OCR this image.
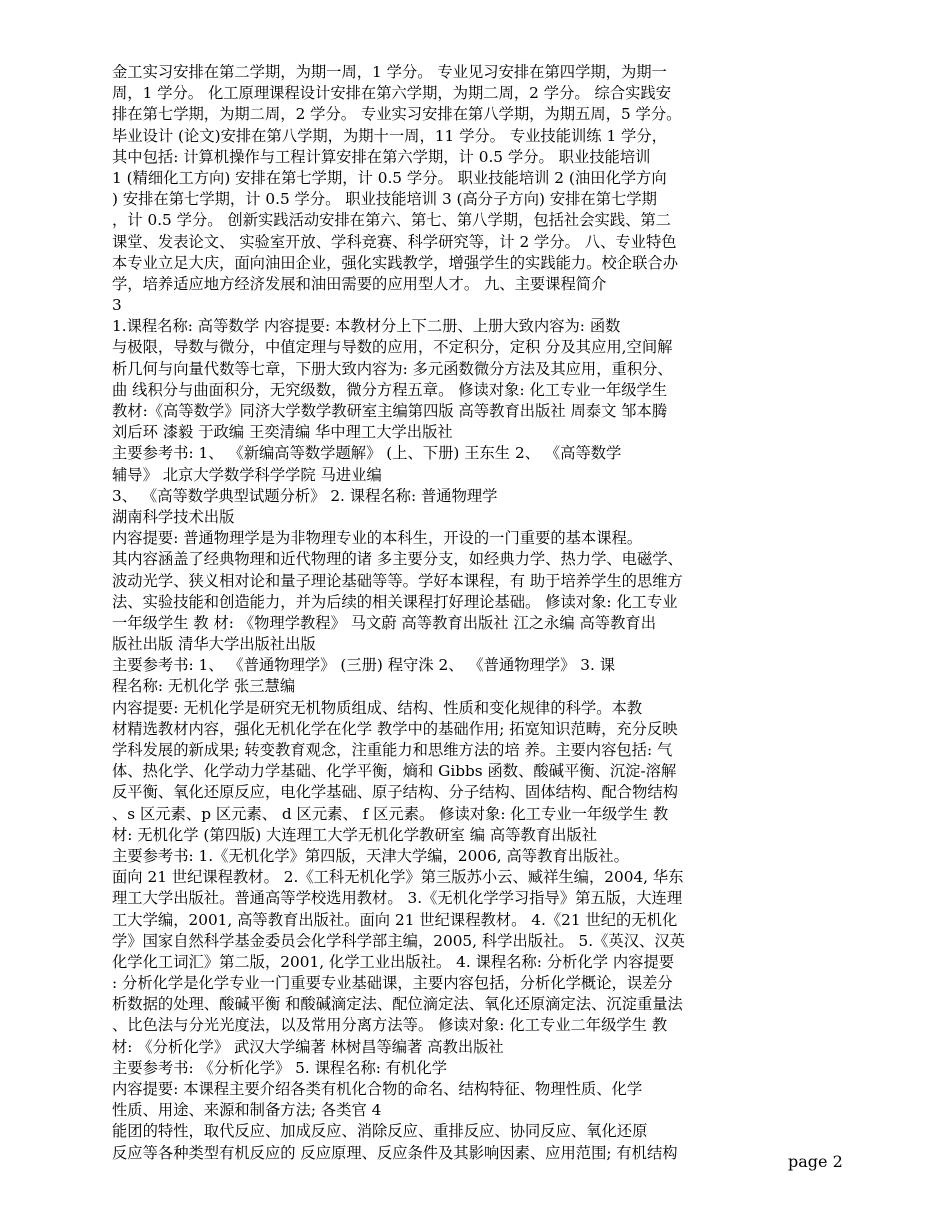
金工实习安排在第二学期，为期一周，1 学分。 专业见习安排在第四学期，为期一
周，1 学分。 化工原理课程设计安排在第六学期，为期二周，2 学分。 综合实践安
排在第七学期，为期二周，2 学分。 专业实习安排在第八学期，为期五周，5 学分。
毕业设计 (论文)安排在第八学期，为期十一周，11 学分。 专业技能训练 1 学分，
其中包括: 计算机操作与工程计算安排在第六学期，计 0.5 学分。 职业技能培训
1 (精细化工方向) 安排在第七学期，计 0.5 学分。 职业技能培训 2 (油田化学方向
) 安排在第七学期，计 0.5 学分。 职业技能培训 3 (高分子方向) 安排在第七学期
，计 0.5 学分。 创新实践活动安排在第六、第七、第八学期，包括社会实践、第二
课堂、发表论文、 实验室开放、学科竞赛、科学研究等，计 2 学分。 八、专业特色
本专业立足大庆，面向油田企业，强化实践教学，增强学生的实践能力。校企联合办
学，培养适应地方经济发展和油田需要的应用型人才。 九、主要课程简介
3
1.课程名称: 高等数学 内容提要: 本教材分上下二册、上册大致内容为: 函数
与极限，导数与微分，中值定理与导数的应用，不定积分，定积 分及其应用,空间解
析几何与向量代数等七章，下册大致内容为: 多元函数微分方法及其应用，重积分、
曲 线积分与曲面积分，无究级数，微分方程五章。 修读对象: 化工专业一年级学生
教材:《高等数学》同济大学数学教研室主编第四版 高等教育出版社 周泰文 邹本腾
刘后环 漆毅 于政编 王奕清编 华中理工大学出版社
主要参考书: 1、 《新编高等数学题解》 (上、下册) 王东生 2、 《高等数学
辅导》 北京大学数学科学学院 马进业编
3、 《高等数学典型试题分析》 2. 课程名称: 普通物理学
湖南科学技术出版
内容提要: 普通物理学是为非物理专业的本科生，开设的一门重要的基本课程。
其内容涵盖了经典物理和近代物理的诸 多主要分支，如经典力学、热力学、电磁学、
波动光学、狭义相对论和量子理论基础等等。学好本课程，有 助于培养学生的思维方
法、实验技能和创造能力，并为后续的相关课程打好理论基础。 修读对象: 化工专业
一年级学生 教 材: 《物理学教程》 马文蔚 高等教育出版社 江之永编 高等教育出
版社出版 清华大学出版社出版
主要参考书: 1、 《普通物理学》 (三册) 程守洙 2、 《普通物理学》 3. 课
程名称: 无机化学 张三慧编
内容提要: 无机化学是研究无机物质组成、结构、性质和变化规律的科学。本教
材精选教材内容，强化无机化学在化学 教学中的基础作用; 拓宽知识范畴，充分反映
学科发展的新成果; 转变教育观念，注重能力和思维方法的培 养。主要内容包括: 气
体、热化学、化学动力学基础、化学平衡，熵和 Gibbs 函数、酸碱平衡、沉淀-溶解
反平衡、氧化还原反应，电化学基础、原子结构、分子结构、固体结构、配合物结构
、s 区元素、p 区元素、 d 区元素、 f 区元素。 修读对象: 化工专业一年级学生 教
材: 无机化学 (第四版) 大连理工大学无机化学教研室 编 高等教育出版社
主要参考书: 1.《无机化学》第四版，天津大学编，2006, 高等教育出版社。
面向 21 世纪课程教材。 2.《工科无机化学》第三版苏小云、臧祥生编，2004, 华东
理工大学出版社。普通高等学校选用教材。 3.《无机化学学习指导》第五版，大连理
工大学编，2001, 高等教育出版社。面向 21 世纪课程教材。 4.《21 世纪的无机化
学》国家自然科学基金委员会化学科学部主编，2005, 科学出版社。 5.《英汉、汉英
化学化工词汇》第二版，2001, 化学工业出版社。 4. 课程名称: 分析化学 内容提要
: 分析化学是化学专业一门重要专业基础课，主要内容包括，分析化学概论，误差分
析数据的处理、酸碱平衡 和酸碱滴定法、配位滴定法、氧化还原滴定法、沉淀重量法
、比色法与分光光度法，以及常用分离方法等。 修读对象: 化工专业二年级学生 教
材: 《分析化学》 武汉大学编著 林树昌等编著 高教出版社
主要参考书: 《分析化学》 5. 课程名称: 有机化学
内容提要: 本课程主要介绍各类有机化合物的命名、结构特征、物理性质、化学
性质、用途、来源和制备方法; 各类官 4
能团的特性，取代反应、加成反应、消除反应、重排反应、协同反应、氧化还原
反应等各种类型有机反应的 反应原理、反应条件及其影响因素、应用范围; 有机结构	page 2
